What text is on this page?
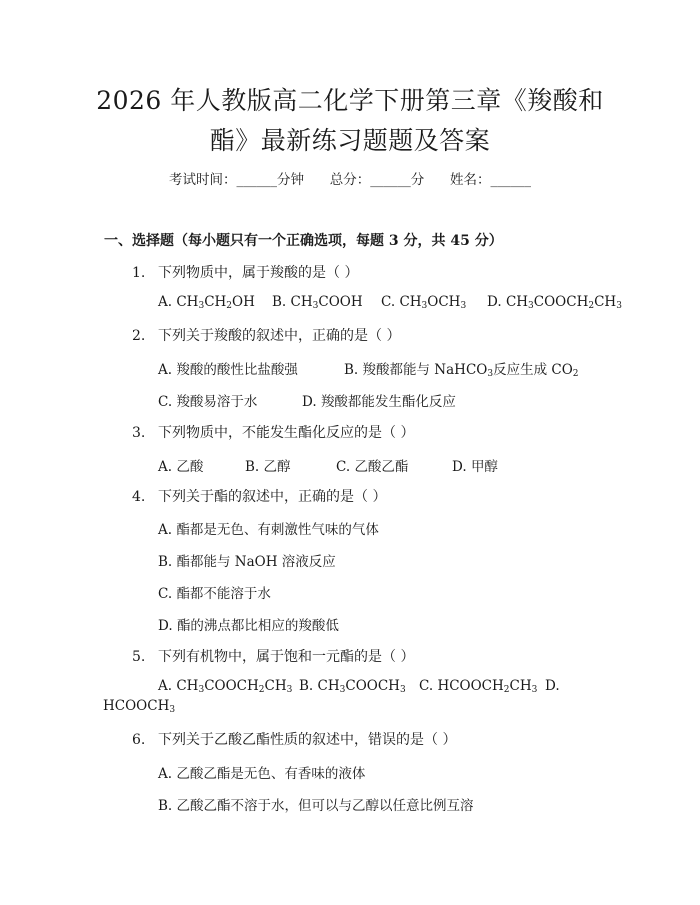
2026 年人教版高二化学下册第三章《羧酸和
酯》最新练习题题及答案
考试时间：______分钟 总分：______分 姓名：______
一、选择题（每小题只有一个正确选项，每题 3 分，共 45 分）
1. 下列物质中，属于羧酸的是（ ）
A. $CH_3CH_2OH$ B. $CH_3COOH$ C. $CH_3OCH_3$ D. $CH_3COOCH_2CH_3$
2. 下列关于羧酸的叙述中，正确的是（ ）
A. 羧酸的酸性比盐酸强	B. 羧酸都能与 NaHCO$_3$反应生成 $CO_2$
C. 羧酸易溶于水	D. 羧酸都能发生酯化反应
3. 下列物质中，不能发生酯化反应的是（ ）
A. 乙酸	B. 乙醇	C. 乙酸乙酯	D. 甲醇
4. 下列关于酯的叙述中，正确的是（ ）
A. 酯都是无色、有刺激性气味的气体
B. 酯都能与 NaOH 溶液反应
C. 酯都不能溶于水
D. 酯的沸点都比相应的羧酸低
5. 下列有机物中，属于饱和一元酯的是（ ）
A. $CH_3COOCH_2CH_3$ B. $CH_3COOCH_3$ C. $HCOOCH_2CH_3$ D.
$HCOOCH_3$
6. 下列关于乙酸乙酯性质的叙述中，错误的是（ ）
A. 乙酸乙酯是无色、有香味的液体
B. 乙酸乙酯不溶于水，但可以与乙醇以任意比例互溶
